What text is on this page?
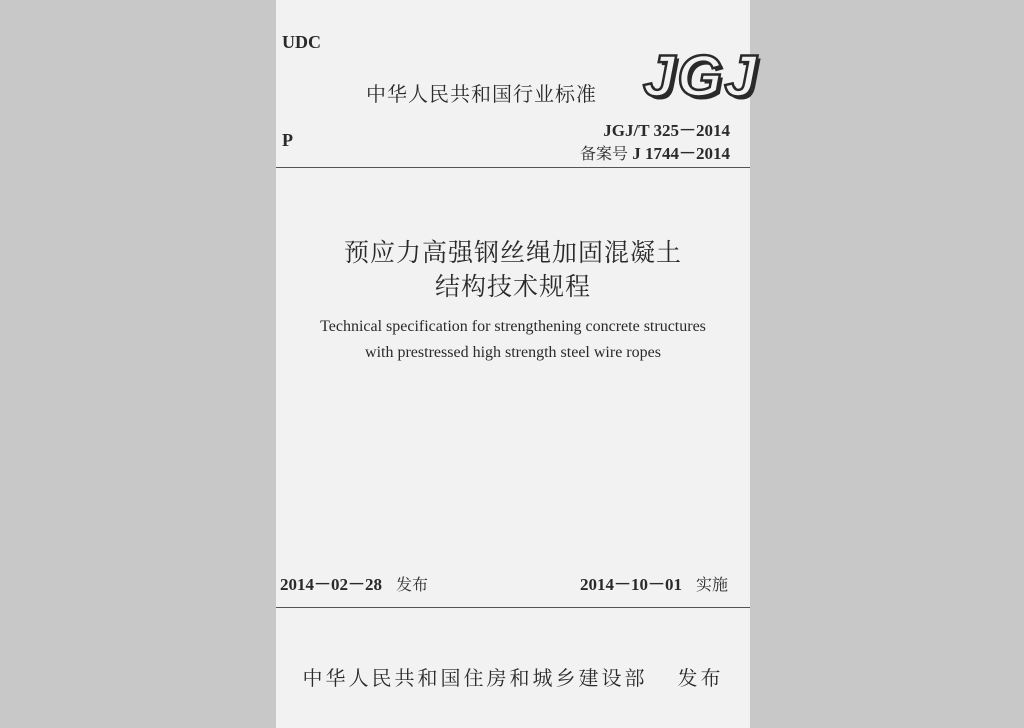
UDC
中华人民共和国行业标准 JGJ
P	JGJ/T 325－2014
备案号 J 1744－2014
预应力高强钢丝绳加固混凝土
结构技术规程
Technical specification for strengthening concrete structures
with prestressed high strength steel wire ropes
2014－02－28 发布	2014－10－01 实施
中华人民共和国住房和城乡建设部 发布
